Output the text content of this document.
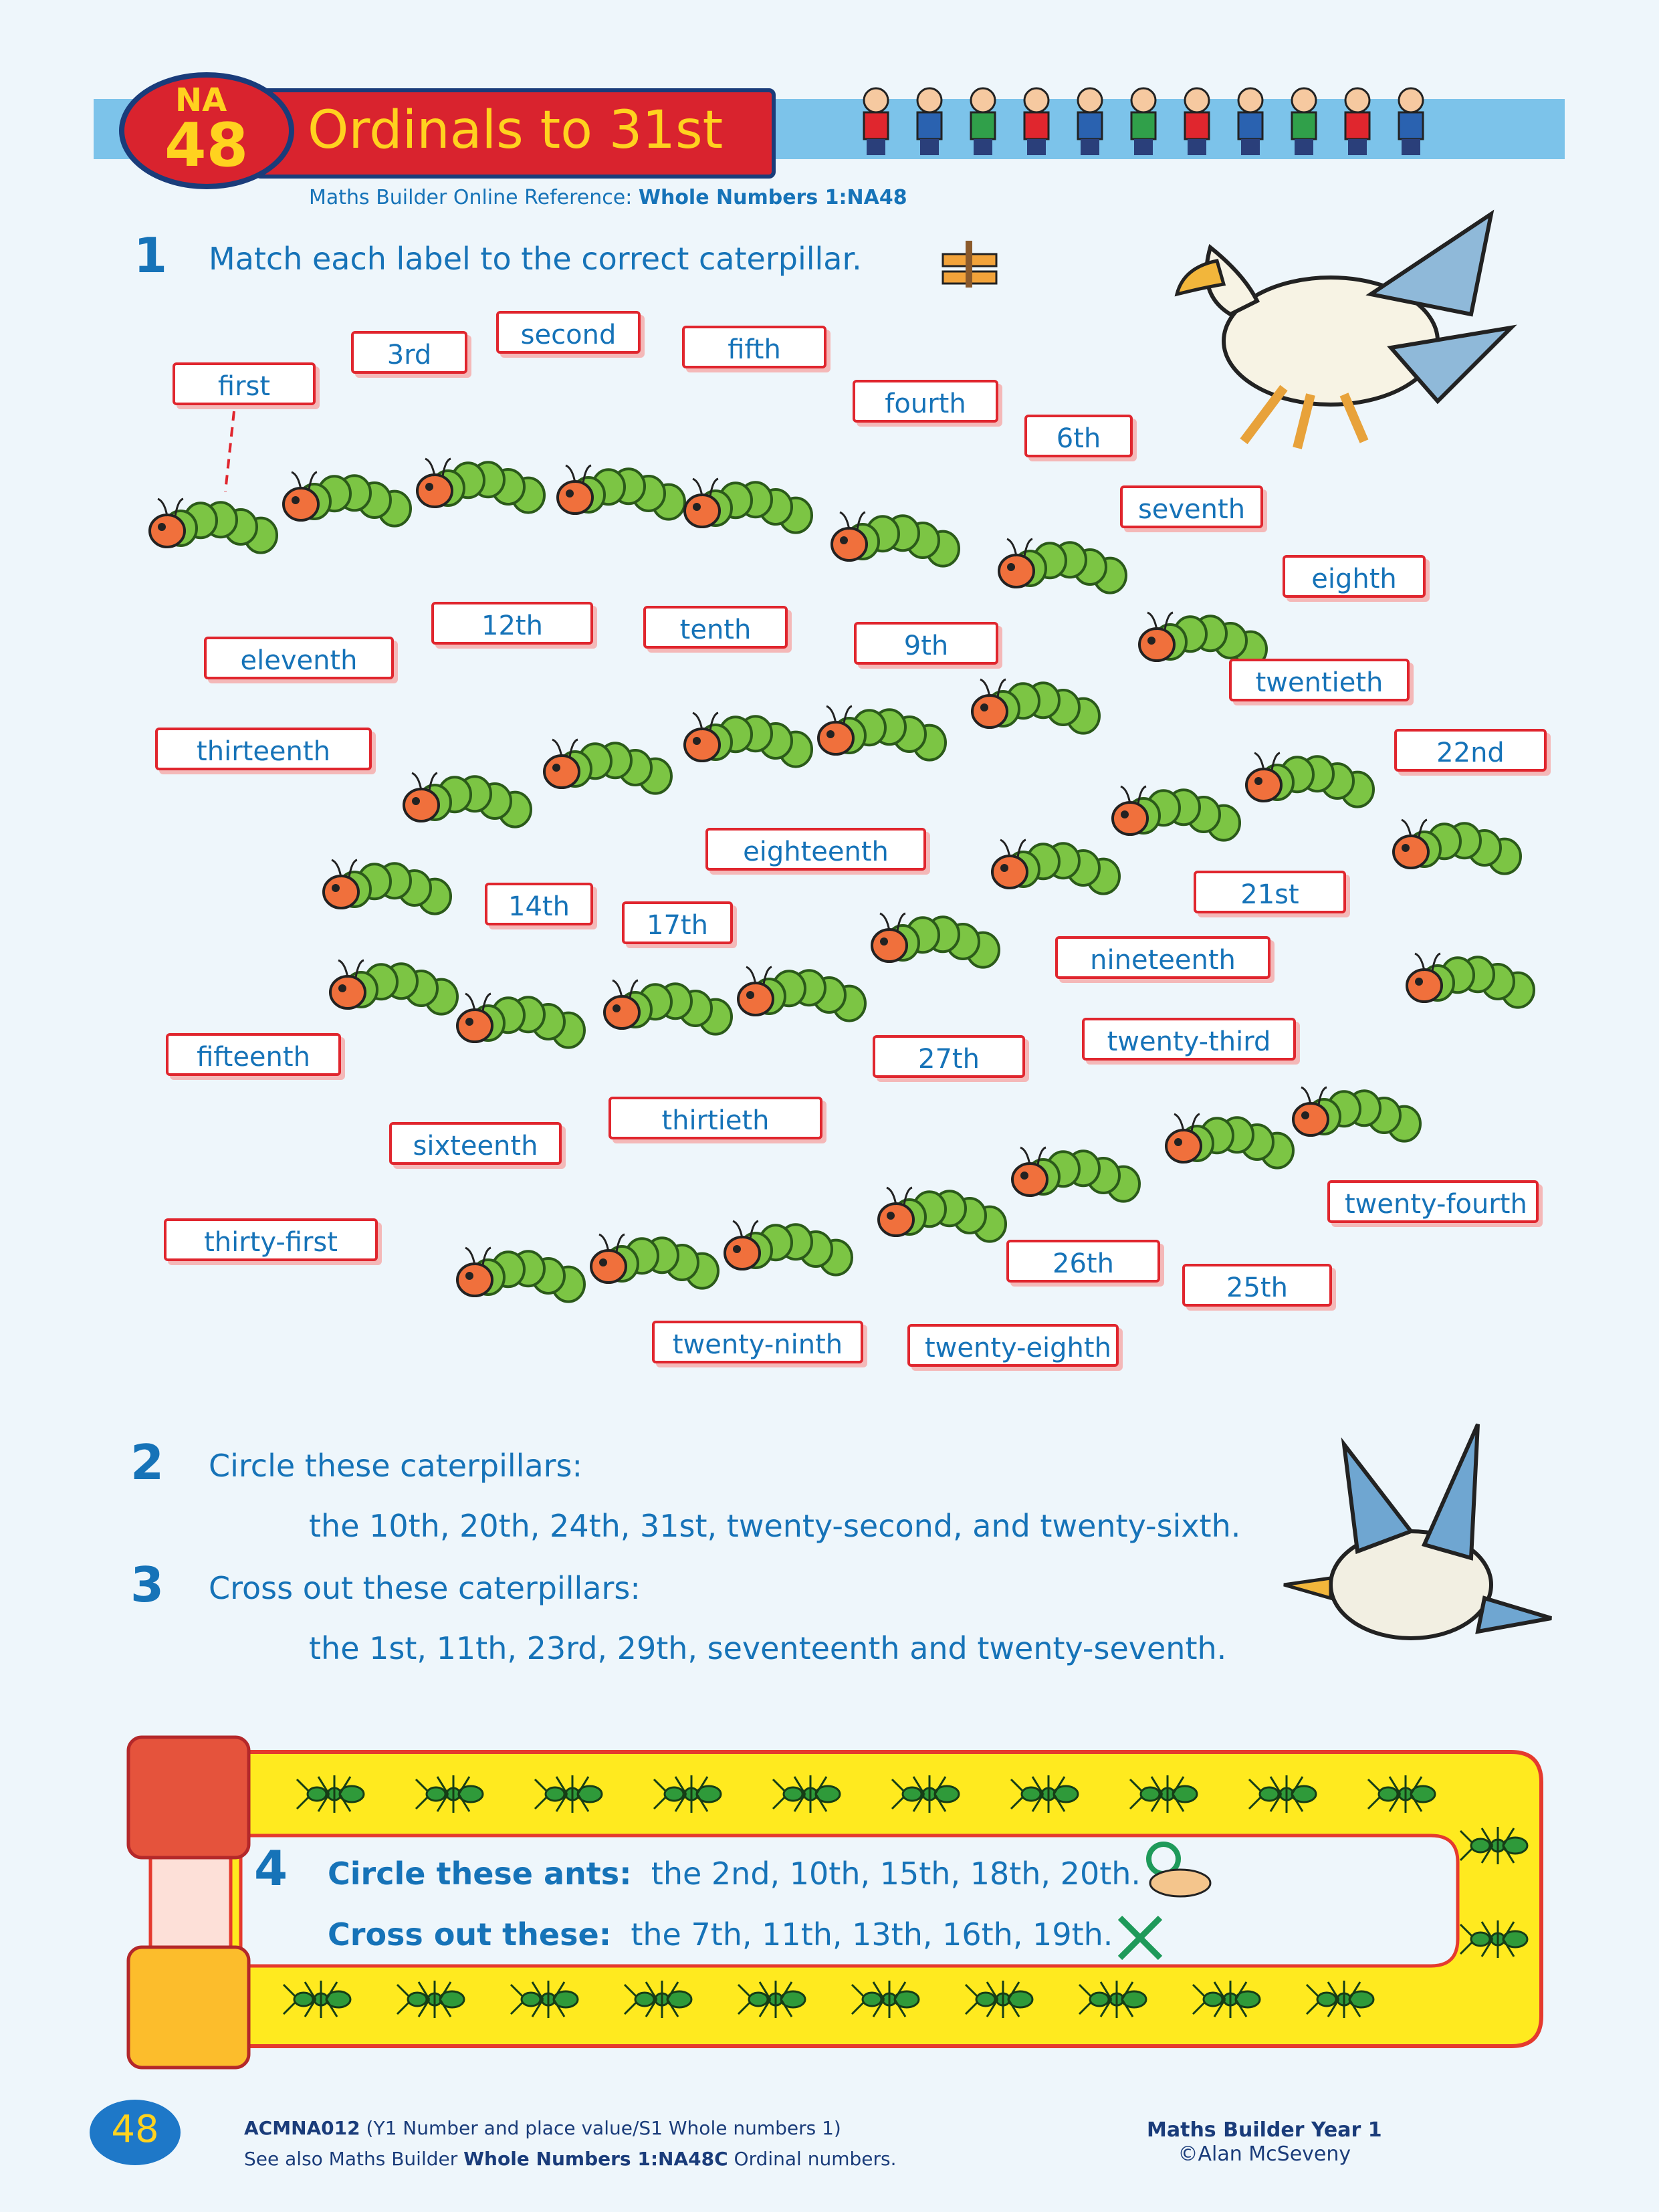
Ordinals to 31st
NA
48
Maths Builder Online Reference: Whole Numbers 1:NA48
1 Match each label to the correct caterpillar.
first
3rd
second	fifth
fourth
6th
seventh
eighth
twentieth
22nd
12th	tenth
9th
eleventh
thirteenth
eighteenth
14th
17th
21st
nineteenth
fifteenth	27th
twenty-third
thirtieth
sixteenth
twenty-fourth
thirty-first
26th
25th
twenty-ninth	twenty-eighth
2 Circle these caterpillars:
the 10th, 20th, 24th, 31st, twenty-second, and twenty-sixth.
3 Cross out these caterpillars:
the 1st, 11th, 23rd, 29th, seventeenth and twenty-seventh.
4 Circle these ants: the 2nd, 10th, 15th, 18th, 20th.
Cross out these: the 7th, 11th, 13th, 16th, 19th.
48	ACMNA012 (Y1 Number and place value/S1 Whole numbers 1)
See also Maths Builder Whole Numbers 1:NA48C Ordinal numbers.
Maths Builder Year 1
©Alan McSeveny
